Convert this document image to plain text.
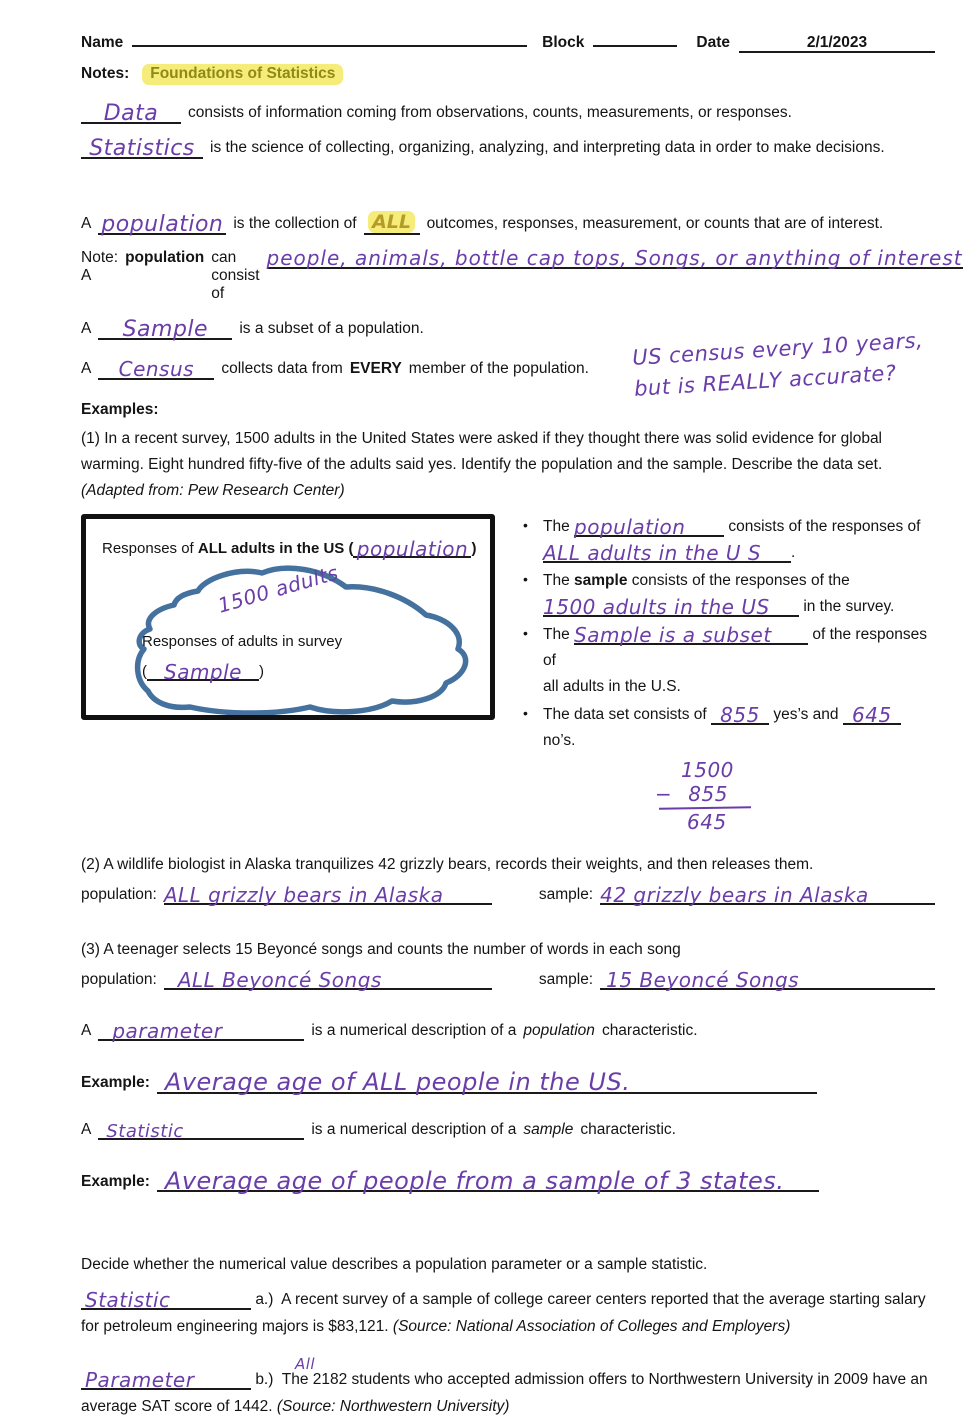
Name	Block	Date	2/1/2023
Notes:	Foundations of Statistics
Data	consists of information coming from observations, counts, measurements, or responses.
Statistics is the science of collecting, organizing, analyzing, and interpreting data in order to make decisions.
A population is the collection of ALL	outcomes, responses, measurement, or counts that are of interest.
Note: A
population can consist of
people, animals, bottle cap tops, Songs, or anything of interest
A	Sample	is a subset of a population.
A	Census	collects data from EVERY member of the population. US census every 10 years,
but is REALLY accurate?
Examples:

(1) In a recent survey, 1500 adults in the United States were asked if they thought there was solid evidence for global warming. Eight hundred fifty-five of the adults said yes. Identify the population and the sample. Describe the data set. (Adapted from: Pew Research Center)

Responses of ALL adults in the US ( population )
1500 adults
Responses of adults in survey
( Sample )
• The population	consists of the responses of
ALL adults in the U S .
• The sample consists of the responses of the
1500 adults in the US in the survey.
• The Sample is a subset	of the responses of
all adults in the U.S.
• The data set consists of 855 yes’s and 645 no’s.
1500
− 855
645

(2) A wildlife biologist in Alaska tranquilizes 42 grizzly bears, records their weights, and then releases them.

population: ALL grizzly bears in Alaska	sample: 42 grizzly bears in Alaska

(3) A teenager selects 15 Beyoncé songs and counts the number of words in each song

population:	ALL Beyoncé Songs	sample: 15 Beyoncé Songs
A	parameter	is a numerical description of a population characteristic.
Example: Average age of ALL people in the US.
A Statistic	is a numerical description of a sample characteristic.
Example: Average age of people from a sample of 3 states.

Decide whether the numerical value describes a population parameter or a sample statistic.

Statistic	a.) A recent survey of a sample of college career centers reported that the average starting salary for petroleum engineering majors is $83,121. (Source: National Association of Colleges and Employers)

All
Parameter	b.) The 2182 students who accepted admission offers to Northwestern University in 2009 have an average SAT score of 1442. (Source: Northwestern University)
